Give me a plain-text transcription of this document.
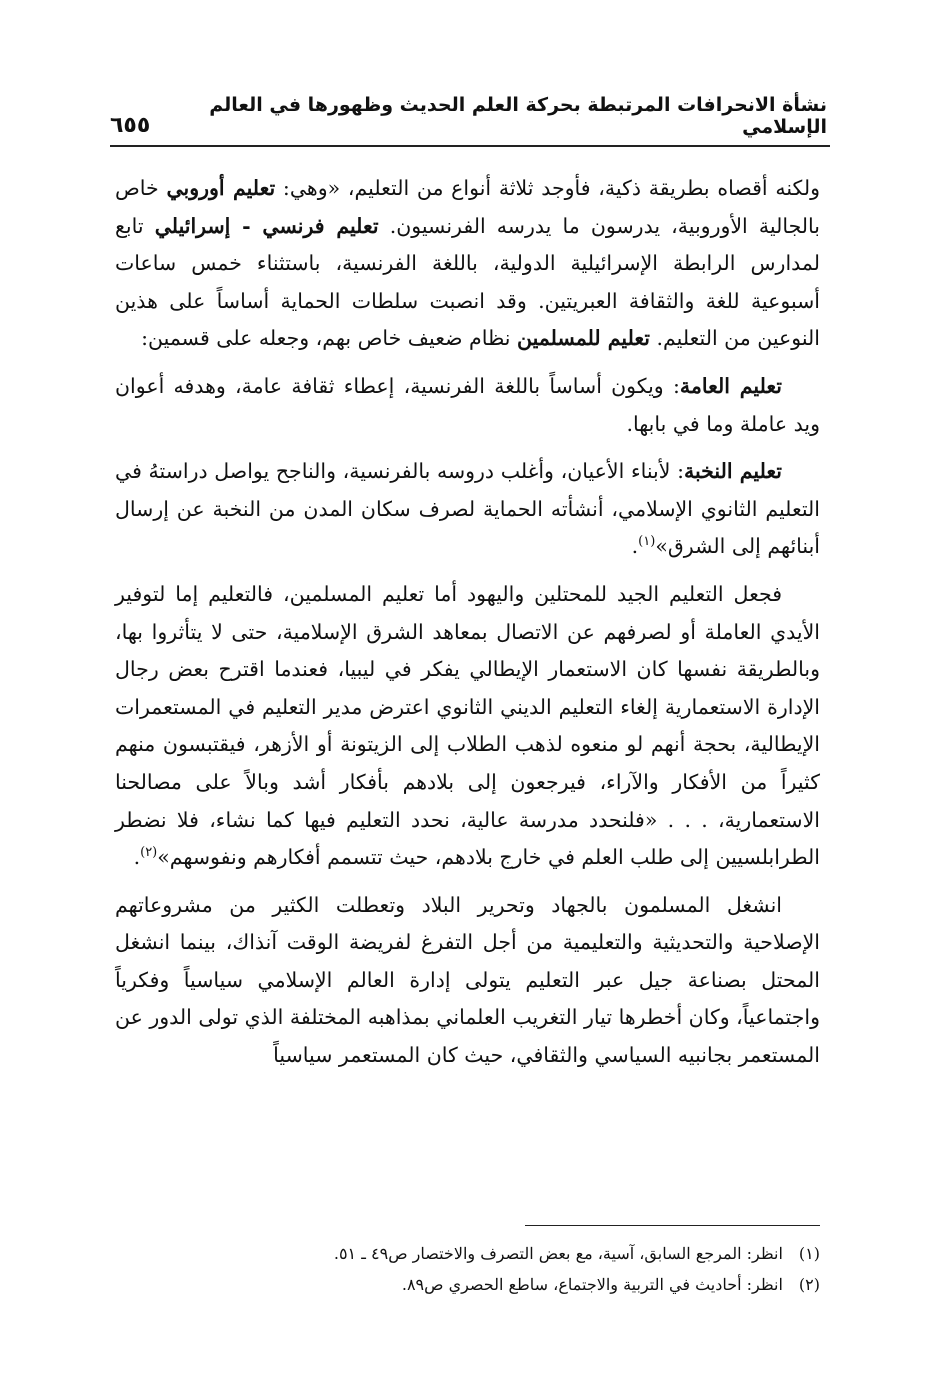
نشأة الانحرافات المرتبطة بحركة العلم الحديث وظهورها في العالم الإسلامي
٦٥٥

ولكنه أقصاه بطريقة ذكية، فأوجد ثلاثة أنواع من التعليم، «وهي: تعليم أوروبي خاص بالجالية الأوروبية، يدرسون ما يدرسه الفرنسيون. تعليم فرنسي - إسرائيلي تابع لمدارس الرابطة الإسرائيلية الدولية، باللغة الفرنسية، باستثناء خمس ساعات أسبوعية للغة والثقافة العبريتين. وقد انصبت سلطات الحماية أساساً على هذين النوعين من التعليم. تعليم للمسلمين نظام ضعيف خاص بهم، وجعله على قسمين:

تعليم العامة: ويكون أساساً باللغة الفرنسية، إعطاء ثقافة عامة، وهدفه أعوان ويد عاملة وما في بابها.

تعليم النخبة: لأبناء الأعيان، وأغلب دروسه بالفرنسية، والناجح يواصل دراستهُ في التعليم الثانوي الإسلامي، أنشأته الحماية لصرف سكان المدن من النخبة عن إرسال أبنائهم إلى الشرق»$^{(١)}$.

فجعل التعليم الجيد للمحتلين واليهود أما تعليم المسلمين، فالتعليم إما لتوفير الأيدي العاملة أو لصرفهم عن الاتصال بمعاهد الشرق الإسلامية، حتى لا يتأثروا بها، وبالطريقة نفسها كان الاستعمار الإيطالي يفكر في ليبيا، فعندما اقترح بعض رجال الإدارة الاستعمارية إلغاء التعليم الديني الثانوي اعترض مدير التعليم في المستعمرات الإيطالية، بحجة أنهم لو منعوه لذهب الطلاب إلى الزيتونة أو الأزهر، فيقتبسون منهم كثيراً من الأفكار والآراء، فيرجعون إلى بلادهم بأفكار أشد وبالاً على مصالحنا الاستعمارية، . . . «فلنحدد مدرسة عالية، نحدد التعليم فيها كما نشاء، فلا نضطر الطرابلسيين إلى طلب العلم في خارج بلادهم، حيث تتسمم أفكارهم ونفوسهم»$^{(٢)}$.

انشغل المسلمون بالجهاد وتحرير البلاد وتعطلت الكثير من مشروعاتهم الإصلاحية والتحديثية والتعليمية من أجل التفرغ لفريضة الوقت آنذاك، بينما انشغل المحتل بصناعة جيل عبر التعليم يتولى إدارة العالم الإسلامي سياسياً وفكرياً واجتماعياً، وكان أخطرها تيار التغريب العلماني بمذاهبه المختلفة الذي تولى الدور عن المستعمر بجانبيه السياسي والثقافي، حيث كان المستعمر سياسياً

(١)
انظر: المرجع السابق، آسية، مع بعض التصرف والاختصار ص٤٩ ـ ٥١.
(٢)
انظر: أحاديث في التربية والاجتماع، ساطع الحصري ص٨٩.
